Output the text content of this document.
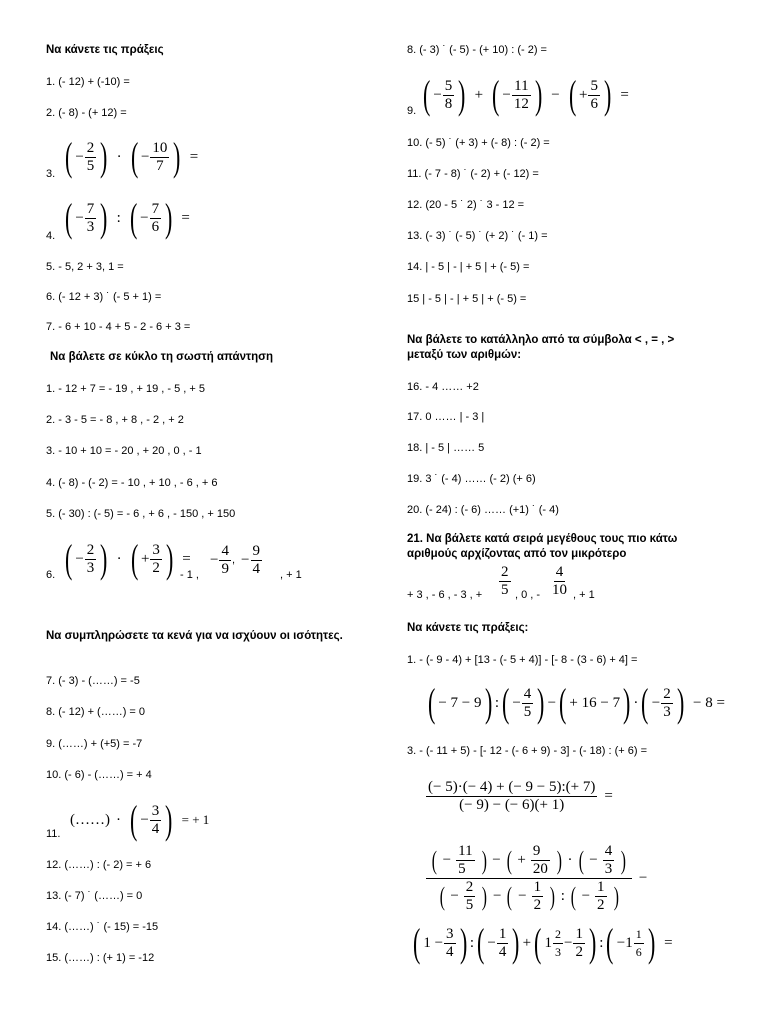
Να κάνετε τις πράξεις
1. (- 12) + (-10) =
2. (- 8) - (+ 12) =
3. ( − $\frac{2}{5}$ ) · ( − $\frac{10}{7}$ ) =
4. ( − $\frac{7}{3}$ ) : ( − $\frac{7}{6}$ ) =
5. - 5, 2 + 3, 1 =
6. (- 12 + 3) ˙ (- 5 + 1) =
7. - 6 + 10 - 4 + 5 - 2 - 6 + 3 =
Να βάλετε σε κύκλο τη σωστή απάντηση
1. - 12 + 7 = - 19 , + 19 , - 5 , + 5
2. - 3 - 5 = - 8 , + 8 , - 2 , + 2
3. - 10 + 10 = - 20 , + 20 , 0 , - 1
4. (- 8) - (- 2) = - 10 , + 10 , - 6 , + 6
5. (- 30) : (- 5) = - 6 , + 6 , - 150 , + 150
6. ( − $\frac{2}{3}$ ) · ( + $\frac{3}{2}$ ) =
- 1 ,
− $\frac{4}{9}$ , − $\frac{9}{4}$ , + 1
Να συμπληρώσετε τα κενά για να ισχύουν οι ισότητες.
7. (- 3) - (……) = -5
8. (- 12) + (……) = 0
9. (……) + (+5) = -7
10. (- 6) - (……) = + 4
11.
(……) · ( − $\frac{3}{4}$ ) = + 1
12. (……) : (- 2) = + 6
13. (- 7) ˙ (……) = 0
14. (……) ˙ (- 15) = -15
15. (……) : (+ 1) = -12
8. (- 3) ˙ (- 5) - (+ 10) : (- 2) =
9. ( − $\frac{5}{8}$ ) + ( − $\frac{11}{12}$ ) − ( + $\frac{5}{6}$ ) =
10. (- 5) ˙ (+ 3) + (- 8) : (- 2) =
11. (- 7 - 8) ˙ (- 2) + (- 12) =
12. (20 - 5 ˙ 2) ˙ 3 - 12 =
13. (- 3) ˙ (- 5) ˙ (+ 2) ˙ (- 1) =
14. | - 5 | - | + 5 | + (- 5) =
15 | - 5 | - | + 5 | + (- 5) =
Να βάλετε το κατάλληλο από τα σύμβολα < , = , >
μεταξύ των αριθμών:
16. - 4 …… +2
17. 0 …… | - 3 |
18. | - 5 | …… 5
19. 3 ˙ (- 4) …… (- 2) (+ 6)
20. (- 24) : (- 6) …… (+1) ˙ (- 4)
21. Να βάλετε κατά σειρά μεγέθους τους πιο κάτω
αριθμούς αρχίζοντας από τον μικρότερο
+ 3 , - 6 , - 3 , + $\frac{2}{5}$ , 0 , - $\frac{4}{10}$ , + 1
Να κάνετε τις πράξεις:
1. - (- 9 - 4) + [13 - (- 5 + 4)] - [- 8 - (3 - 6) + 4] =
( − 7 − 9 ) : ( − $\frac{4}{5}$ ) − ( + 16 − 7 ) · ( − $\frac{2}{3}$ ) − 8 =
3. - (- 11 + 5) - [- 12 - (- 6 + 9) - 3] - (- 18) : (+ 6) =
$\frac{(- 5)\cdot(- 4) + (- 9 - 5):(+ 7)}{(- 9) - (- 6)(+ 1)}$ =
( − $\frac{11}{5}$ ) − ( + $\frac{9}{20}$ ) · ( − $\frac{4}{3}$ )
( − $\frac{2}{5}$ ) − ( − $\frac{1}{2}$ ) : ( − $\frac{1}{2}$ )
−
( $1 - \frac{3}{4}$ ) : ( − $\frac{1}{4}$ ) + ( $1 \frac{2}{3} - \frac{1}{2}$ ) : ( − $1 \frac{1}{6}$ ) =
